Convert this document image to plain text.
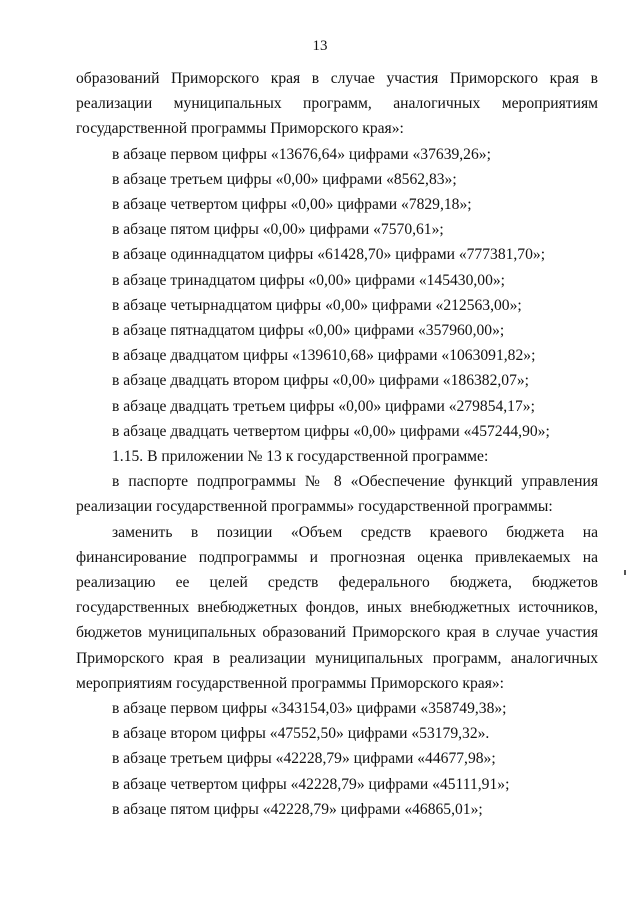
13

образований Приморского края в случае участия Приморского края в реализации муниципальных программ, аналогичных мероприятиям государственной программы Приморского края»:

в абзаце первом цифры «13676,64» цифрами «37639,26»;

в абзаце третьем цифры «0,00» цифрами «8562,83»;

в абзаце четвертом цифры «0,00» цифрами «7829,18»;

в абзаце пятом цифры «0,00» цифрами «7570,61»;

в абзаце одиннадцатом цифры «61428,70» цифрами «777381,70»;

в абзаце тринадцатом цифры «0,00» цифрами «145430,00»;

в абзаце четырнадцатом цифры «0,00» цифрами «212563,00»;

в абзаце пятнадцатом цифры «0,00» цифрами «357960,00»;

в абзаце двадцатом цифры «139610,68» цифрами «1063091,82»;

в абзаце двадцать втором цифры «0,00» цифрами «186382,07»;

в абзаце двадцать третьем цифры «0,00» цифрами «279854,17»;

в абзаце двадцать четвертом цифры «0,00» цифрами «457244,90»;

1.15. В приложении № 13 к государственной программе:

в паспорте подпрограммы № 8 «Обеспечение функций управления реализации государственной программы» государственной программы:

заменить в позиции «Объем средств краевого бюджета на финансирование подпрограммы и прогнозная оценка привлекаемых на реализацию ее целей средств федерального бюджета, бюджетов государственных внебюджетных фондов, иных внебюджетных источников, бюджетов муниципальных образований Приморского края в случае участия Приморского края в реализации муниципальных программ, аналогичных мероприятиям государственной программы Приморского края»:

в абзаце первом цифры «343154,03» цифрами «358749,38»;

в абзаце втором цифры «47552,50» цифрами «53179,32».

в абзаце третьем цифры «42228,79» цифрами «44677,98»;

в абзаце четвертом цифры «42228,79» цифрами «45111,91»;

в абзаце пятом цифры «42228,79» цифрами «46865,01»;
